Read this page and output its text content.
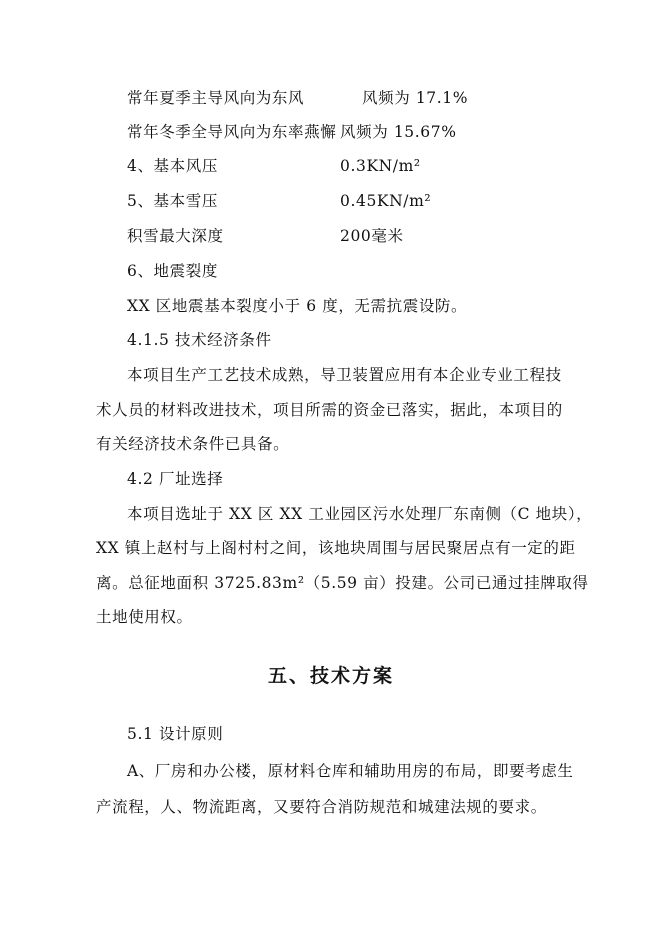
常年夏季主导风向为东风	风频为 17.1%
常年冬季全导风向为东率燕懈 风频为 15.67%
4、基本风压	0.3KN/m²
5、基本雪压	0.45KN/m²
积雪最大深度	200毫米
6、地震裂度
XX 区地震基本裂度小于 6 度，无需抗震设防。
4.1.5 技术经济条件
本项目生产工艺技术成熟，导卫装置应用有本企业专业工程技
术人员的材料改进技术，项目所需的资金已落实，据此，本项目的
有关经济技术条件已具备。
4.2 厂址选择
本项目选址于 XX 区 XX 工业园区污水处理厂东南侧（C 地块），
XX 镇上赵村与上阁村村之间，该地块周围与居民聚居点有一定的距
离。总征地面积 3725.83m²（5.59 亩）投建。公司已通过挂牌取得
土地使用权。
五、技术方案
5.1 设计原则
A、厂房和办公楼，原材料仓库和辅助用房的布局，即要考虑生
产流程，人、物流距离，又要符合消防规范和城建法规的要求。
